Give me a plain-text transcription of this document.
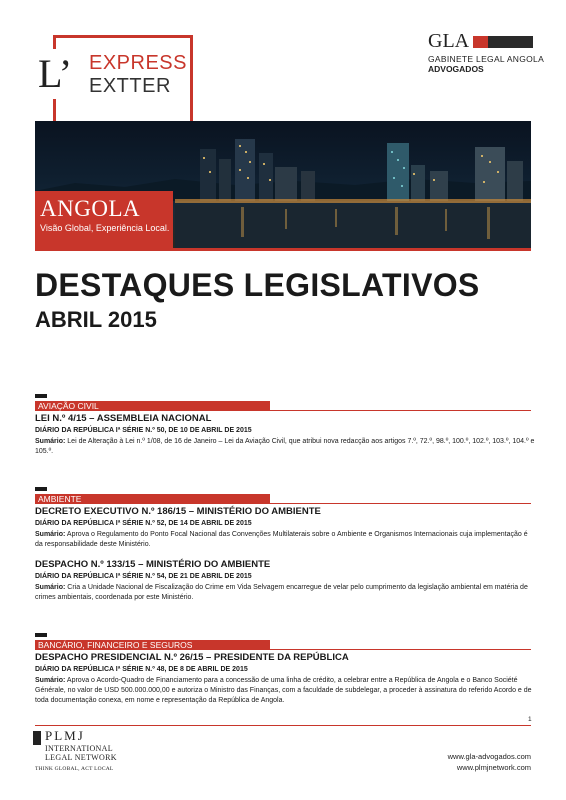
L’ EXPRESS
EXTTER
GLA
GABINETE LEGAL ANGOLA
ADVOGADOS
ANGOLA
Visão Global, Experiência Local.
DESTAQUES LEGISLATIVOS
ABRIL 2015
AVIAÇÃO CIVIL
LEI N.º 4/15 – ASSEMBLEIA NACIONAL
DIÁRIO DA REPÚBLICA Iª SÉRIE N.º 50, DE 10 DE ABRIL DE 2015
Sumário: Lei de Alteração à Lei n.º 1/08, de 16 de Janeiro – Lei da Aviação Civil, que atribui nova redacção aos artigos 7.º, 72.º, 98.º, 100.º, 102.º, 103.º, 104.º e 105.º.
AMBIENTE
DECRETO EXECUTIVO N.º 186/15 – MINISTÉRIO DO AMBIENTE
DIÁRIO DA REPÚBLICA Iª SÉRIE N.º 52, DE 14 DE ABRIL DE 2015
Sumário: Aprova o Regulamento do Ponto Focal Nacional das Convenções Multilaterais sobre o Ambiente e Organismos Internacionais cuja implementação é da responsabilidade deste Ministério.
DESPACHO N.º 133/15 – MINISTÉRIO DO AMBIENTE
DIÁRIO DA REPÚBLICA Iª SÉRIE N.º 54, DE 21 DE ABRIL DE 2015
Sumário: Cria a Unidade Nacional de Fiscalização do Crime em Vida Selvagem encarregue de velar pelo cumprimento da legislação ambiental em matéria de crimes ambientais, coordenada por este Ministério.
BANCÁRIO, FINANCEIRO E SEGUROS
DESPACHO PRESIDENCIAL N.º 26/15 – PRESIDENTE DA REPÚBLICA
DIÁRIO DA REPÚBLICA Iª SÉRIE N.º 48, DE 8 DE ABRIL DE 2015
Sumário: Aprova o Acordo-Quadro de Financiamento para a concessão de uma linha de crédito, a celebrar entre a República de Angola e o Banco Société Générale, no valor de USD 500.000.000,00 e autoriza o Ministro das Finanças, com a faculdade de subdelegar, a proceder à assinatura do referido Acordo e de toda documentação conexa, em nome e representação da República de Angola.
1
PLMJ
INTERNATIONAL
LEGAL NETWORK
THINK GLOBAL, ACT LOCAL
www.gla-advogados.com
www.plmjnetwork.com
